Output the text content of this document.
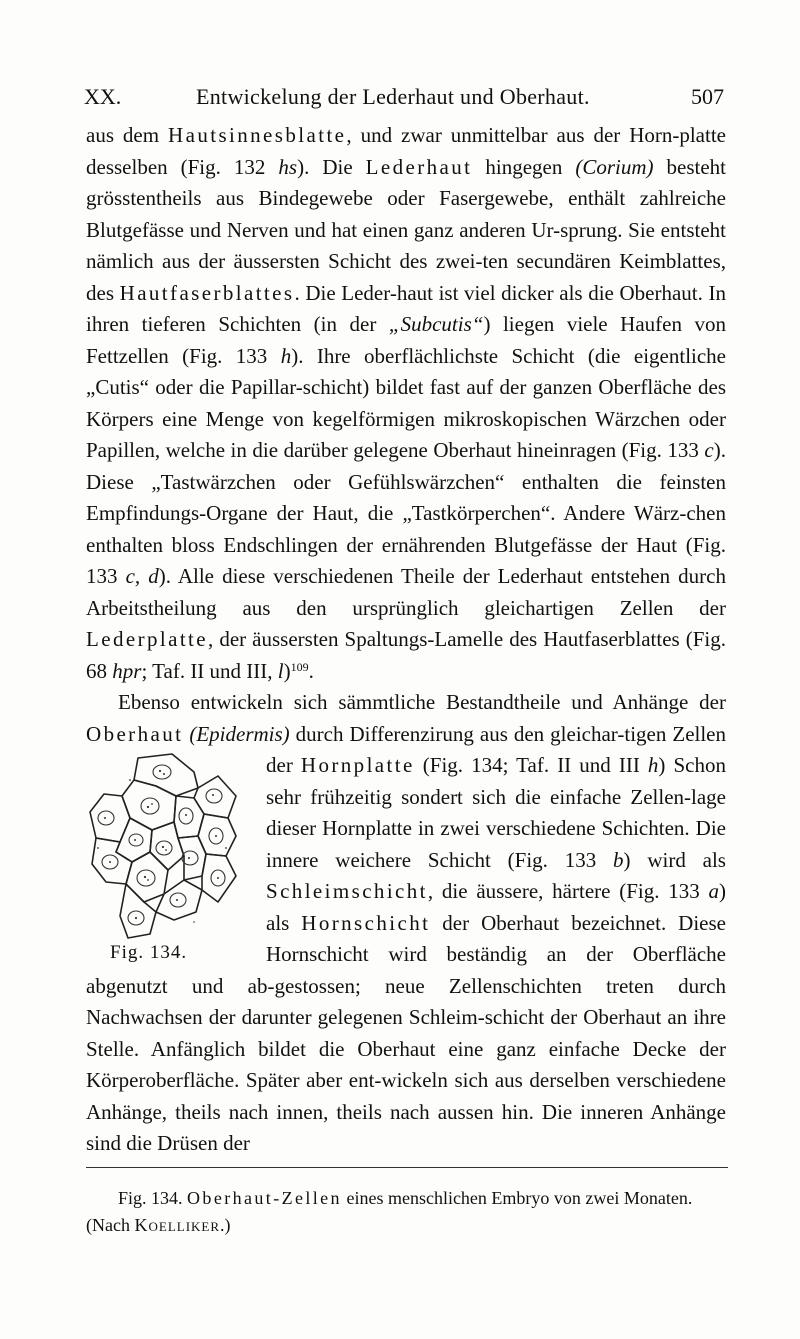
XX.	Entwickelung der Lederhaut und Oberhaut.	507

aus dem Hautsinnesblatte, und zwar unmittelbar aus der Horn-platte desselben (Fig. 132 hs). Die Lederhaut hingegen (Corium) besteht grösstentheils aus Bindegewebe oder Fasergewebe, enthält zahlreiche Blutgefässe und Nerven und hat einen ganz anderen Ur-sprung. Sie entsteht nämlich aus der äussersten Schicht des zwei-ten secundären Keimblattes, des Hautfaserblattes. Die Leder-haut ist viel dicker als die Oberhaut. In ihren tieferen Schichten (in der „Subcutis“) liegen viele Haufen von Fettzellen (Fig. 133 h). Ihre oberflächlichste Schicht (die eigentliche „Cutis“ oder die Papillar-schicht) bildet fast auf der ganzen Oberfläche des Körpers eine Menge von kegelförmigen mikroskopischen Wärzchen oder Papillen, welche in die darüber gelegene Oberhaut hineinragen (Fig. 133 c). Diese „Tastwärzchen oder Gefühlswärzchen“ enthalten die feinsten Empfindungs-Organe der Haut, die „Tastkörperchen“. Andere Wärz-chen enthalten bloss Endschlingen der ernährenden Blutgefässe der Haut (Fig. 133 c, d). Alle diese verschiedenen Theile der Lederhaut entstehen durch Arbeitstheilung aus den ursprünglich gleichartigen Zellen der Lederplatte, der äussersten Spaltungs-Lamelle des Hautfaserblattes (Fig. 68 hpr; Taf. II und III, l)$^{109}$.

Ebenso entwickeln sich sämmtliche Bestandtheile und Anhänge der Oberhaut (Epidermis) durch Differenzirung aus den gleichar-tigen Zellen der Hornplatte (Fig. 134; Taf. II und III h
) Schon sehr frühzeitig sondert sich die einfache Zellen-lage dieser Hornplatte in zwei verschiedene Schichten. Die innere weichere Schicht (Fig. 133 b) wird als Schleimschicht, die äussere, härtere (Fig. 133 a) als Hornschicht der Oberhaut bezeichnet. Diese Hornschicht wird beständig an der Oberfläche abgenutzt und ab-gestossen; neue Zellenschichten treten durch Nachwachsen der darunter gelegenen Schleim-schicht der Oberhaut an ihre Stelle. Anfänglich bildet die Oberhaut eine ganz einfache Decke der Körperoberfläche. Später aber ent-wickeln sich aus derselben verschiedene Anhänge, theils nach innen, theils nach aussen hin. Die inneren Anhänge sind die Drüsen der

Fig. 134.
Fig. 134. Oberhaut-Zellen eines menschlichen Embryo von zwei Monaten. (Nach Koelliker.)
